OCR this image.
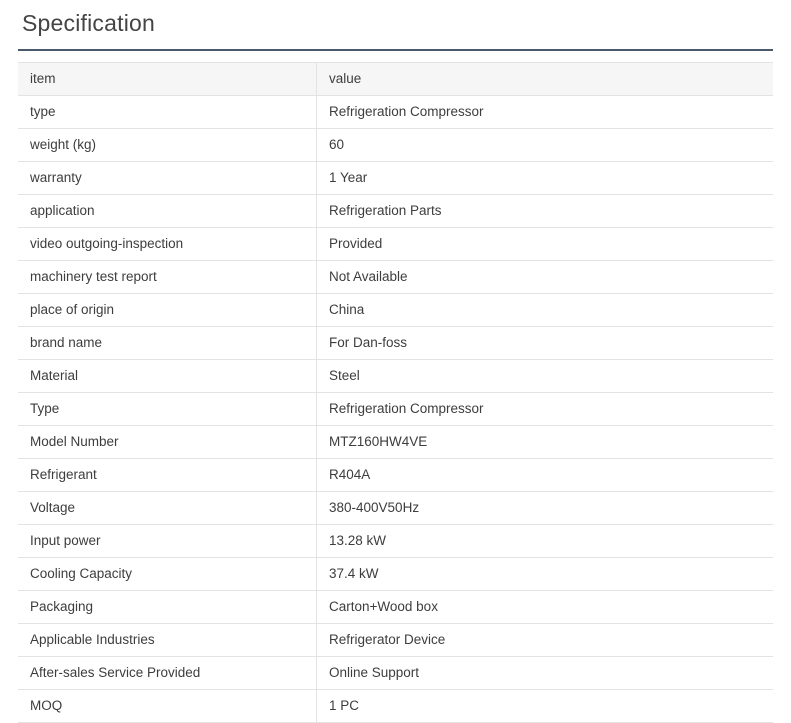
Specification
item	value
type	Refrigeration Compressor
weight (kg)	60
warranty	1 Year
application	Refrigeration Parts
video outgoing-inspection	Provided
machinery test report	Not Available
place of origin	China
brand name	For Dan-foss
Material	Steel
Type	Refrigeration Compressor
Model Number	MTZ160HW4VE
Refrigerant	R404A
Voltage	380-400V50Hz
Input power	13.28 kW
Cooling Capacity	37.4 kW
Packaging	Carton+Wood box
Applicable Industries	Refrigerator Device
After-sales Service Provided	Online Support
MOQ	1 PC
